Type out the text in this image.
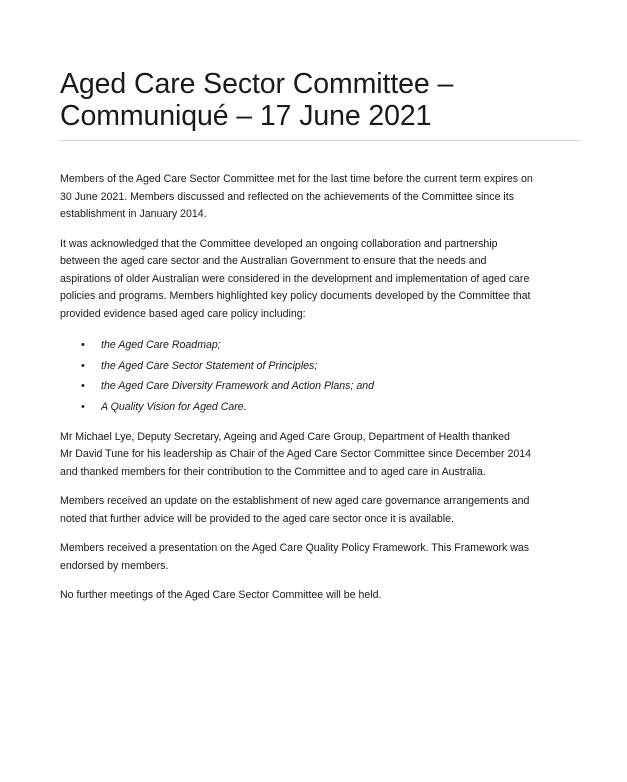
Aged Care Sector Committee –
Communiqué – 17 June 2021

Members of the Aged Care Sector Committee met for the last time before the current term expires on
30 June 2021. Members discussed and reflected on the achievements of the Committee since its
establishment in January 2014.

It was acknowledged that the Committee developed an ongoing collaboration and partnership
between the aged care sector and the Australian Government to ensure that the needs and
aspirations of older Australian were considered in the development and implementation of aged care
policies and programs. Members highlighted key policy documents developed by the Committee that
provided evidence based aged care policy including:

• the Aged Care Roadmap;
• the Aged Care Sector Statement of Principles;
• the Aged Care Diversity Framework and Action Plans; and
• A Quality Vision for Aged Care.

Mr Michael Lye, Deputy Secretary, Ageing and Aged Care Group, Department of Health thanked
Mr David Tune for his leadership as Chair of the Aged Care Sector Committee since December 2014
and thanked members for their contribution to the Committee and to aged care in Australia.

Members received an update on the establishment of new aged care governance arrangements and
noted that further advice will be provided to the aged care sector once it is available.

Members received a presentation on the Aged Care Quality Policy Framework. This Framework was
endorsed by members.

No further meetings of the Aged Care Sector Committee will be held.
